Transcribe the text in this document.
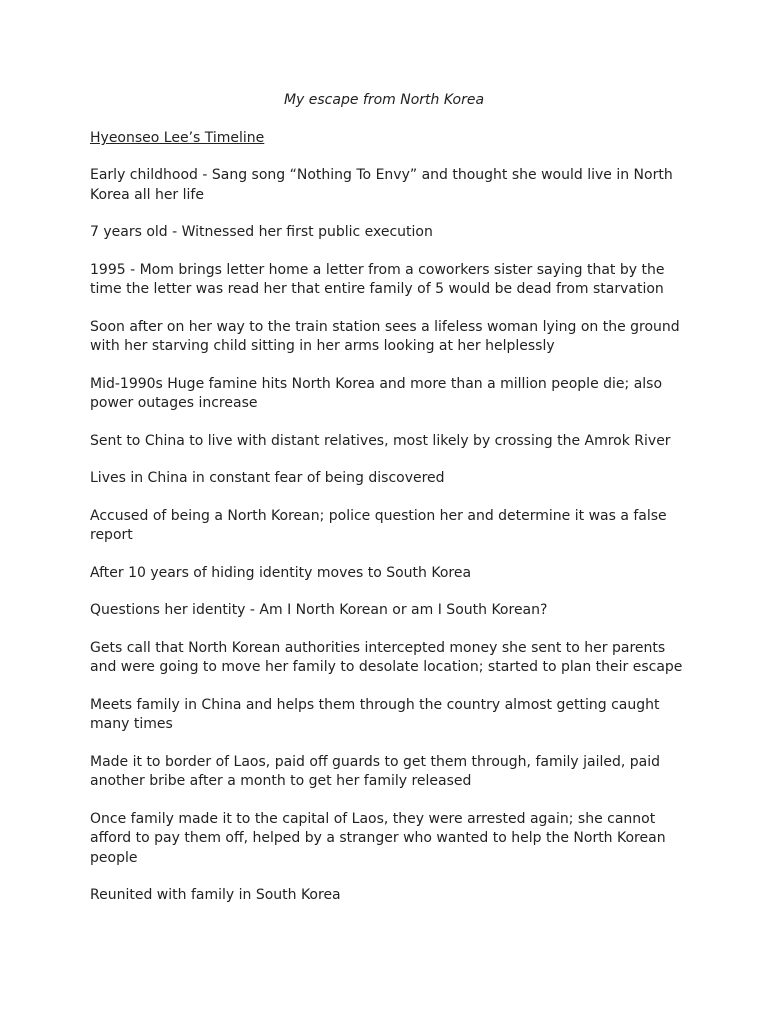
My escape from North Korea
Hyeonseo Lee’s Timeline
Early childhood - Sang song “Nothing To Envy” and thought she would live in North Korea all her life
7 years old - Witnessed her first public execution
1995 - Mom brings letter home a letter from a coworkers sister saying that by the time the letter was read her that entire family of 5 would be dead from starvation
Soon after on her way to the train station sees a lifeless woman lying on the ground with her starving child sitting in her arms looking at her helplessly
Mid-1990s Huge famine hits North Korea and more than a million people die; also power outages increase
Sent to China to live with distant relatives, most likely by crossing the Amrok River
Lives in China in constant fear of being discovered
Accused of being a North Korean; police question her and determine it was a false report
After 10 years of hiding identity moves to South Korea
Questions her identity - Am I North Korean or am I South Korean?
Gets call that North Korean authorities intercepted money she sent to her parents and were going to move her family to desolate location; started to plan their escape
Meets family in China and helps them through the country almost getting caught many times
Made it to border of Laos, paid off guards to get them through, family jailed, paid another bribe after a month to get her family released
Once family made it to the capital of Laos, they were arrested again; she cannot afford to pay them off, helped by a stranger who wanted to help the North Korean people
Reunited with family in South Korea
